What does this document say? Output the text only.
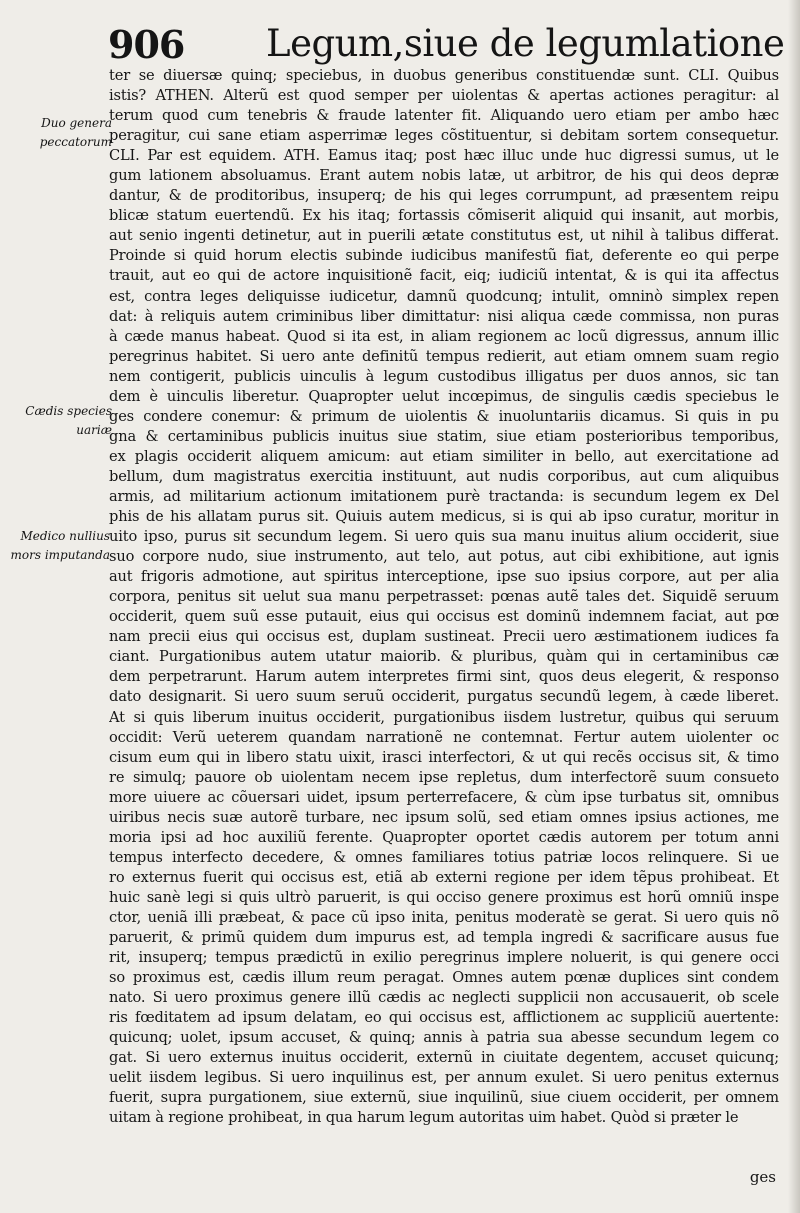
906 Legum,siue de legumlatione
Duo genera peccatorum
Cædis species uariæ
Medico nullius mors imputanda
ter se diuersæ quinq; speciebus, in duobus generibus constituendæ sunt. CLI. Quibus
istis? ATHEN. Alterũ est quod semper per uiolentas & apertas actiones peragitur: al
terum quod cum tenebris & fraude latenter fit. Aliquando uero etiam per ambo hæc
peragitur, cui sane etiam asperrimæ leges cõstituentur, si debitam sortem consequetur.
CLI. Par est equidem. ATH. Eamus itaq; post hæc illuc unde huc digressi sumus, ut le
gum lationem absoluamus. Erant autem nobis latæ, ut arbitror, de his qui deos depræ
dantur, & de proditoribus, insuperq; de his qui leges corrumpunt, ad præsentem reipu
blicæ statum euertendũ. Ex his itaq; fortassis cõmiserit aliquid qui insanit, aut morbis,
aut senio ingenti detinetur, aut in puerili ætate constitutus est, ut nihil à talibus differat.
Proinde si quid horum electis subinde iudicibus manifestũ fiat, deferente eo qui perpe
trauit, aut eo qui de actore inquisitionẽ facit, eiq; iudiciũ intentat, & is qui ita affectus
est, contra leges deliquisse iudicetur, damnũ quodcunq; intulit, omninò simplex repen
dat: à reliquis autem criminibus liber dimittatur: nisi aliqua cæde commissa, non puras
à cæde manus habeat. Quod si ita est, in aliam regionem ac locũ digressus, annum illic
peregrinus habitet. Si uero ante definitũ tempus redierit, aut etiam omnem suam regio
nem contigerit, publicis uinculis à legum custodibus illigatus per duos annos, sic tan
dem è uinculis liberetur. Quapropter uelut incœpimus, de singulis cædis speciebus le
ges condere conemur: & primum de uiolentis & inuoluntariis dicamus. Si quis in pu
gna & certaminibus publicis inuitus siue statim, siue etiam posterioribus temporibus,
ex plagis occiderit aliquem amicum: aut etiam similiter in bello, aut exercitatione ad
bellum, dum magistratus exercitia instituunt, aut nudis corporibus, aut cum aliquibus
armis, ad militarium actionum imitationem purè tractanda: is secundum legem ex Del
phis de his allatam purus sit. Quiuis autem medicus, si is qui ab ipso curatur, moritur in
uito ipso, purus sit secundum legem. Si uero quis sua manu inuitus alium occiderit, siue
suo corpore nudo, siue instrumento, aut telo, aut potus, aut cibi exhibitione, aut ignis
aut frigoris admotione, aut spiritus interceptione, ipse suo ipsius corpore, aut per alia
corpora, penitus sit uelut sua manu perpetrasset: pœnas autẽ tales det. Siquidẽ seruum
occiderit, quem suũ esse putauit, eius qui occisus est dominũ indemnem faciat, aut pœ
nam precii eius qui occisus est, duplam sustineat. Precii uero æstimationem iudices fa
ciant. Purgationibus autem utatur maiorib. & pluribus, quàm qui in certaminibus cæ
dem perpetrarunt. Harum autem interpretes firmi sint, quos deus elegerit, & responso
dato designarit. Si uero suum seruũ occiderit, purgatus secundũ legem, à cæde liberet.
At si quis liberum inuitus occiderit, purgationibus iisdem lustretur, quibus qui seruum
occidit: Verũ ueterem quandam narrationẽ ne contemnat. Fertur autem uiolenter oc
cisum eum qui in libero statu uixit, irasci interfectori, & ut qui recẽs occisus sit, & timo
re simulq; pauore ob uiolentam necem ipse repletus, dum interfectorẽ suum consueto
more uiuere ac cõuersari uidet, ipsum perterrefacere, & cùm ipse turbatus sit, omnibus
uiribus necis suæ autorẽ turbare, nec ipsum solũ, sed etiam omnes ipsius actiones, me
moria ipsi ad hoc auxiliũ ferente. Quapropter oportet cædis autorem per totum anni
tempus interfecto decedere, & omnes familiares totius patriæ locos relinquere. Si ue
ro externus fuerit qui occisus est, etiã ab externi regione per idem tẽpus prohibeat. Et
huic sanè legi si quis ultrò paruerit, is qui occiso genere proximus est horũ omniũ inspe
ctor, ueniã illi præbeat, & pace cũ ipso inita, penitus moderatè se gerat. Si uero quis nõ
paruerit, & primũ quidem dum impurus est, ad templa ingredi & sacrificare ausus fue
rit, insuperq; tempus prædictũ in exilio peregrinus implere noluerit, is qui genere occi
so proximus est, cædis illum reum peragat. Omnes autem pœnæ duplices sint condem
nato. Si uero proximus genere illũ cædis ac neglecti supplicii non accusauerit, ob scele
ris fœditatem ad ipsum delatam, eo qui occisus est, afflictionem ac suppliciũ auertente:
quicunq; uolet, ipsum accuset, & quinq; annis à patria sua abesse secundum legem co
gat. Si uero externus inuitus occiderit, externũ in ciuitate degentem, accuset quicunq;
uelit iisdem legibus. Si uero inquilinus est, per annum exulet. Si uero penitus externus
fuerit, supra purgationem, siue externũ, siue inquilinũ, siue ciuem occiderit, per omnem
uitam à regione prohibeat, in qua harum legum autoritas uim habet. Quòd si præter le
ges
